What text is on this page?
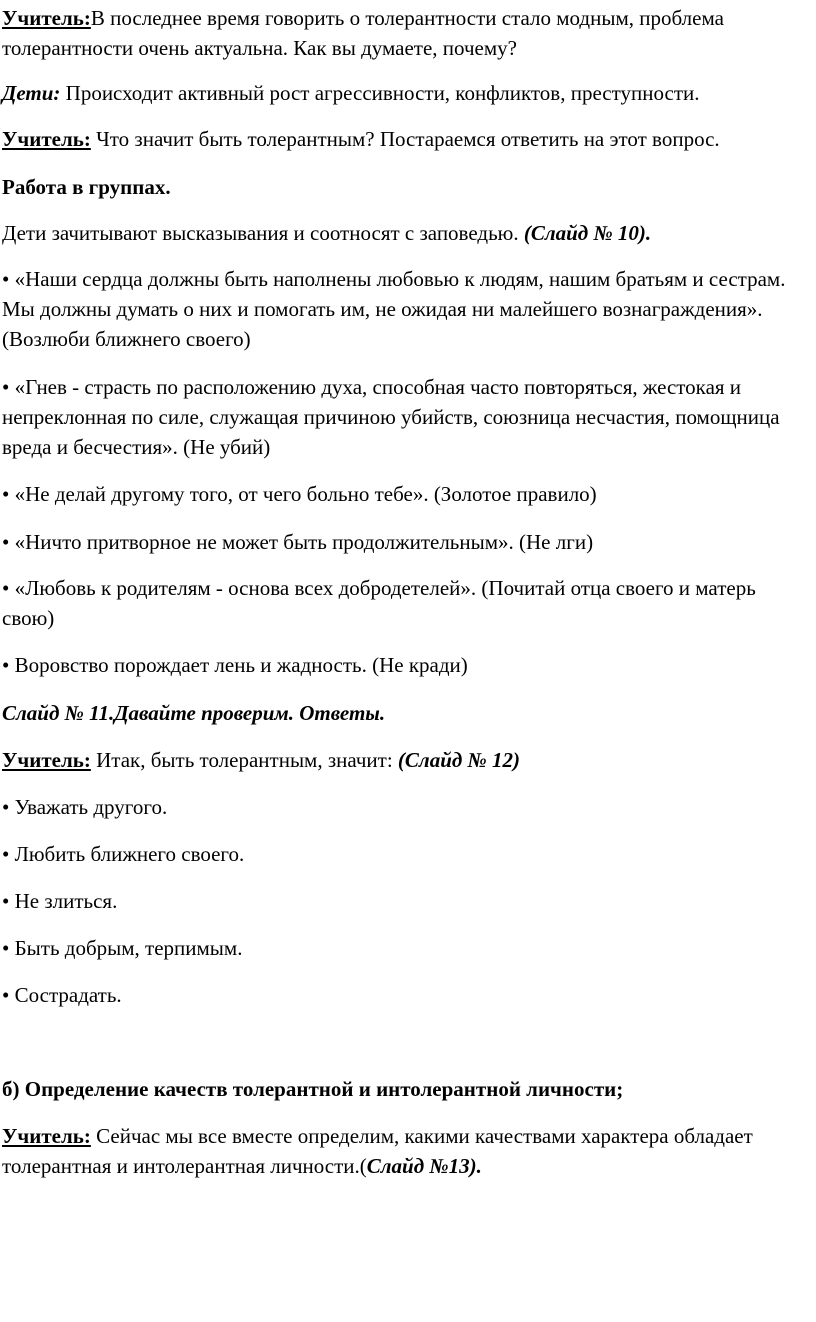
Учитель:В последнее время говорить о толерантности стало модным, проблема толерантности очень актуальна. Как вы думаете, почему?

Дети: Происходит активный рост агрессивности, конфликтов, преступности.

Учитель: Что значит быть толерантным? Постараемся ответить на этот вопрос.

Работа в группах.

Дети зачитывают высказывания и соотносят с заповедью. (Слайд № 10).

• «Наши сердца должны быть наполнены любовью к людям, нашим братьям и сестрам. Мы должны думать о них и помогать им, не ожидая ни малейшего вознаграждения». (Возлюби ближнего своего)

• «Гнев - страсть по расположению духа, способная часто повторяться, жестокая и непреклонная по силе, служащая причиною убийств, союзница несчастия, помощница вреда и бесчестия». (Не убий)

• «Не делай другому того, от чего больно тебе». (Золотое правило)

• «Ничто притворное не может быть продолжительным». (Не лги)

• «Любовь к родителям - основа всех добродетелей». (Почитай отца своего и матерь свою)

• Воровство порождает лень и жадность. (Не кради)

Слайд № 11.Давайте проверим. Ответы.

Учитель: Итак, быть толерантным, значит: (Слайд № 12)

• Уважать другого.

• Любить ближнего своего.

• Не злиться.

• Быть добрым, терпимым.

• Сострадать.

б) Определение качеств толерантной и интолерантной личности;

Учитель: Сейчас мы все вместе определим, какими качествами характера обладает толерантная и интолерантная личности.(Слайд №13).
